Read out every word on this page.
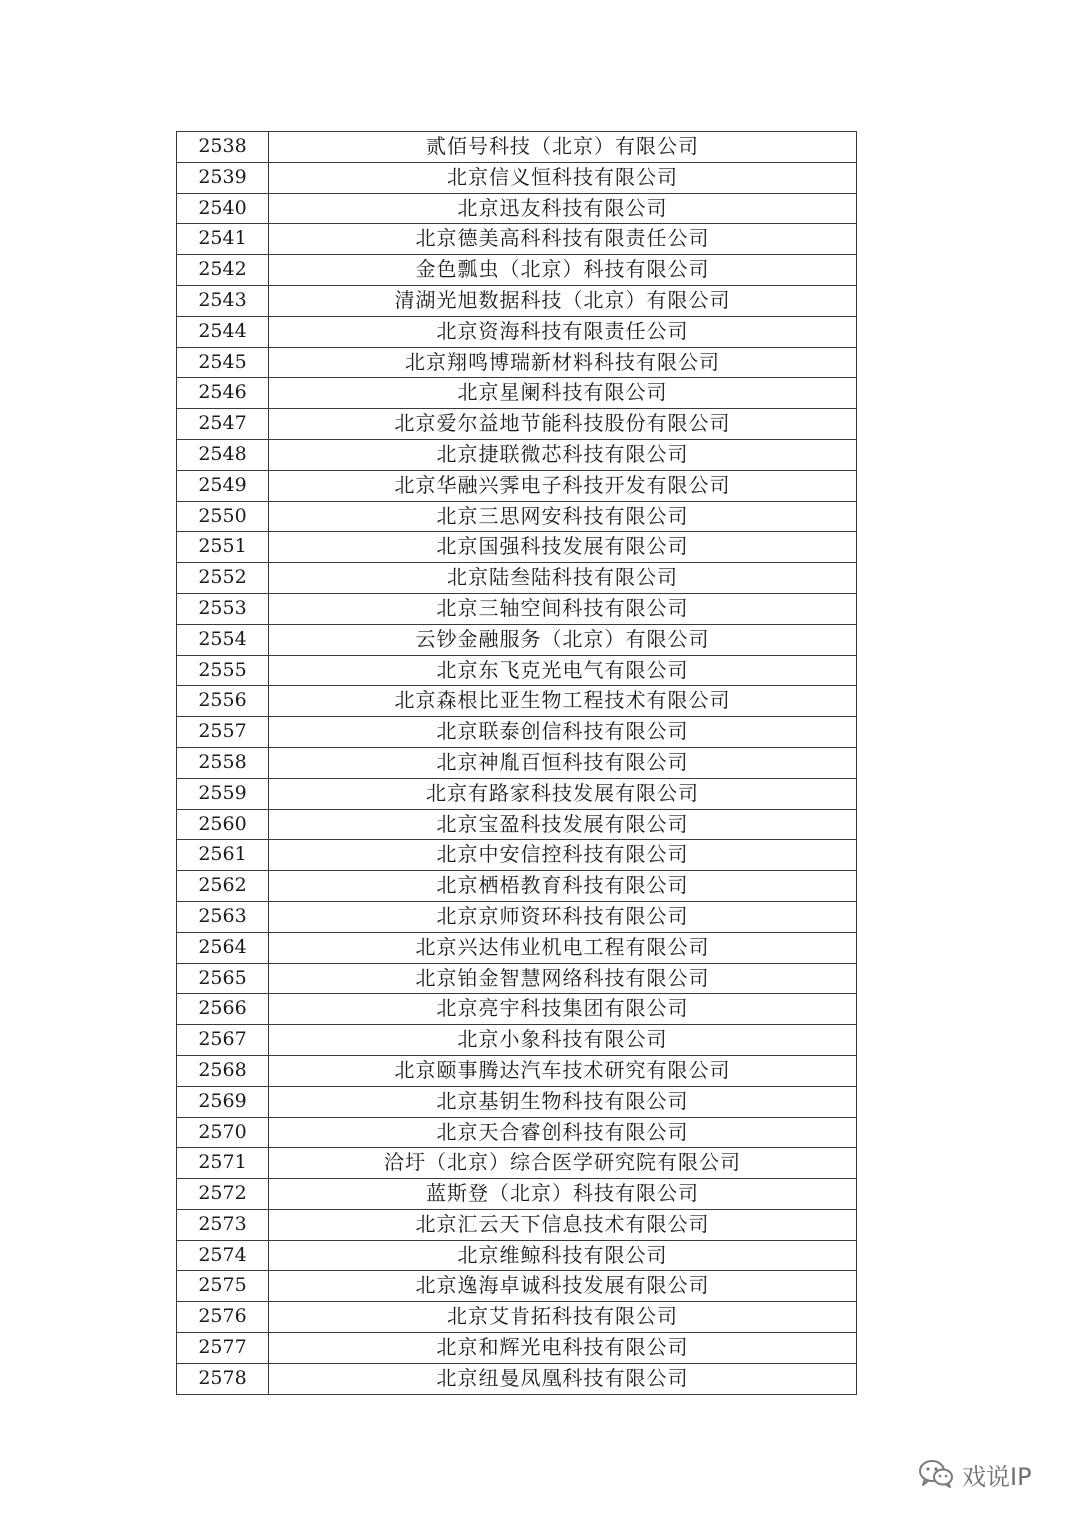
2538	贰佰号科技（北京）有限公司
2539	北京信义恒科技有限公司
2540	北京迅友科技有限公司
2541	北京德美高科科技有限责任公司
2542	金色瓢虫（北京）科技有限公司
2543	清湖光旭数据科技（北京）有限公司
2544	北京资海科技有限责任公司
2545	北京翔鸣博瑞新材料科技有限公司
2546	北京星阑科技有限公司
2547	北京爱尔益地节能科技股份有限公司
2548	北京捷联微芯科技有限公司
2549	北京华融兴霁电子科技开发有限公司
2550	北京三思网安科技有限公司
2551	北京国强科技发展有限公司
2552	北京陆叁陆科技有限公司
2553	北京三轴空间科技有限公司
2554	云钞金融服务（北京）有限公司
2555	北京东飞克光电气有限公司
2556	北京森根比亚生物工程技术有限公司
2557	北京联泰创信科技有限公司
2558	北京神胤百恒科技有限公司
2559	北京有路家科技发展有限公司
2560	北京宝盈科技发展有限公司
2561	北京中安信控科技有限公司
2562	北京栖梧教育科技有限公司
2563	北京京师资环科技有限公司
2564	北京兴达伟业机电工程有限公司
2565	北京铂金智慧网络科技有限公司
2566	北京亮宇科技集团有限公司
2567	北京小象科技有限公司
2568	北京颐事腾达汽车技术研究有限公司
2569	北京基钥生物科技有限公司
2570	北京天合睿创科技有限公司
2571	洽圩（北京）综合医学研究院有限公司
2572	蓝斯登（北京）科技有限公司
2573	北京汇云天下信息技术有限公司
2574	北京维鲸科技有限公司
2575	北京逸海卓诚科技发展有限公司
2576	北京艾肯拓科技有限公司
2577	北京和辉光电科技有限公司
2578	北京纽曼凤凰科技有限公司
戏说IP
